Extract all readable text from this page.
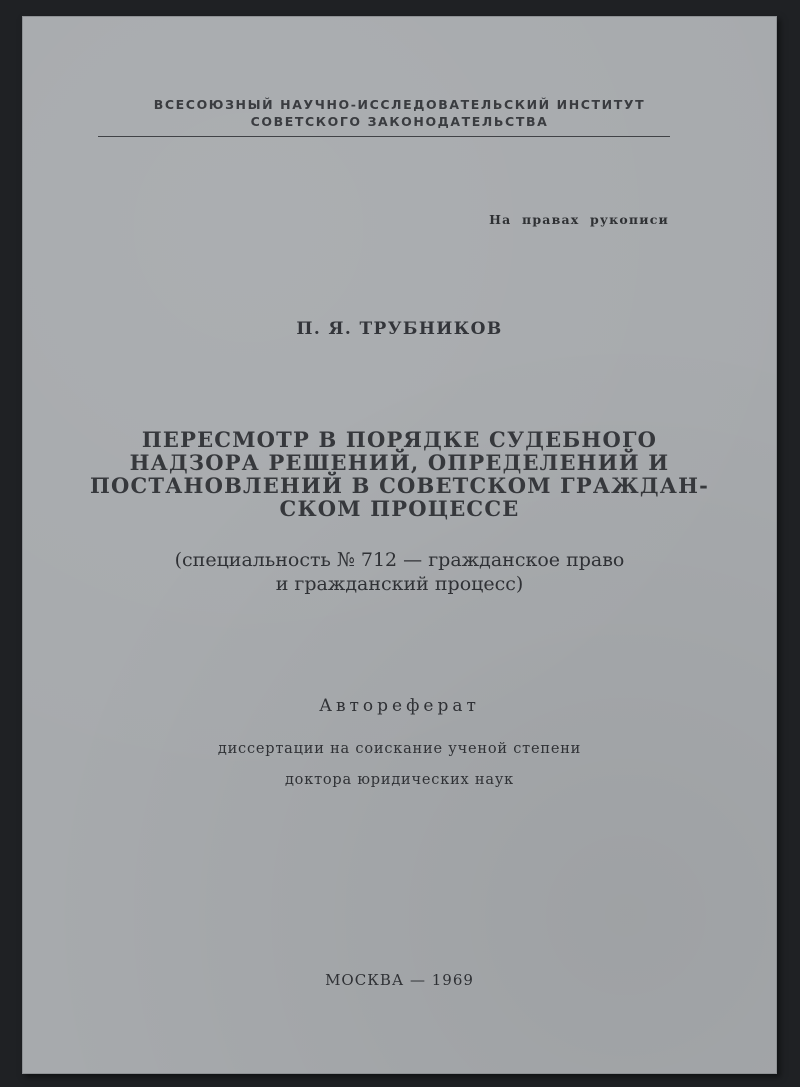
ВСЕСОЮЗНЫЙ НАУЧНО-ИССЛЕДОВАТЕЛЬСКИЙ ИНСТИТУТ
СОВЕТСКОГО ЗАКОНОДАТЕЛЬСТВА
На правах рукописи
П. Я. ТРУБНИКОВ
ПЕРЕСМОТР В ПОРЯДКЕ СУДЕБНОГО
НАДЗОРА РЕШЕНИЙ, ОПРЕДЕЛЕНИЙ И
ПОСТАНОВЛЕНИЙ В СОВЕТСКОМ ГРАЖДАН-
СКОМ ПРОЦЕССЕ
(специальность № 712 — гражданское право
и гражданский процесс)
Автореферат
диссертации на соискание ученой степени
доктора юридических наук
МОСКВА — 1969
